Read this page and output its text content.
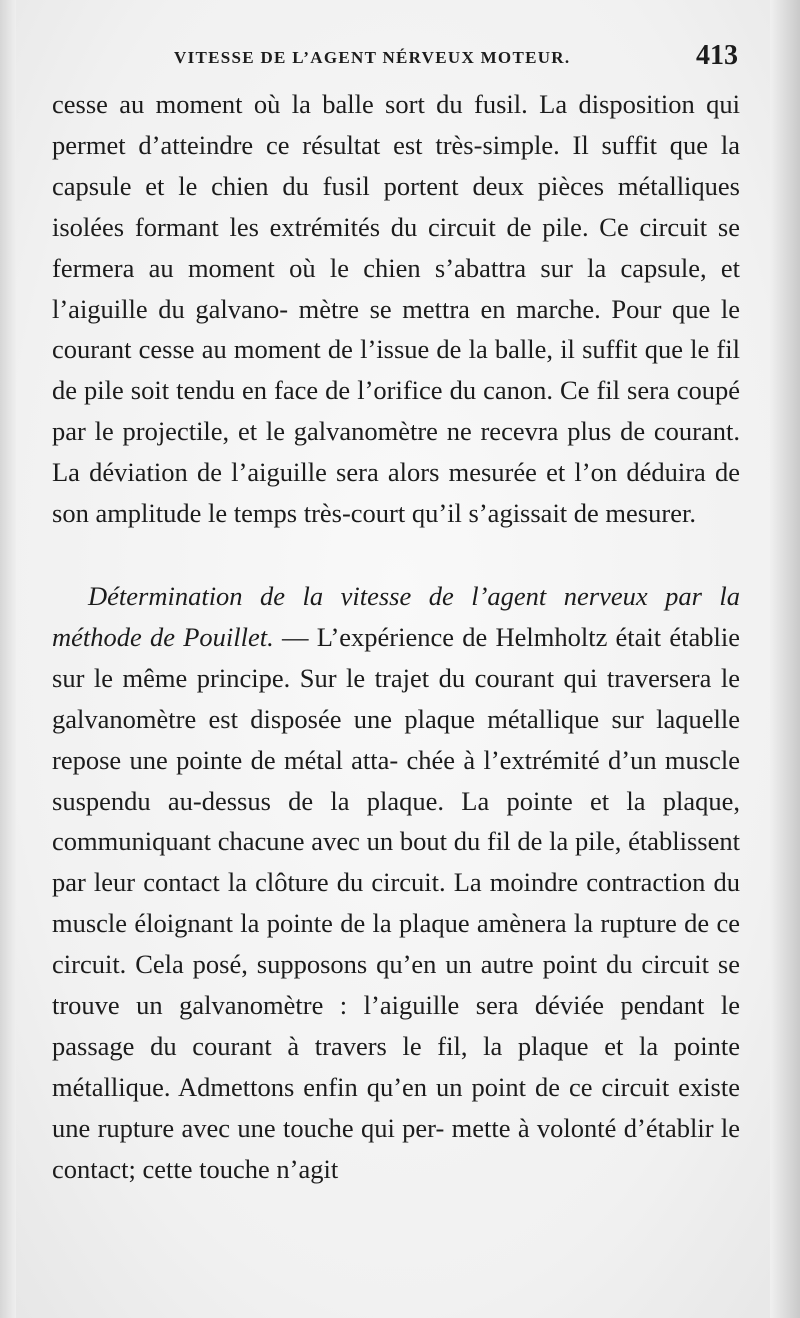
VITESSE DE L’AGENT NÉRVEUX MOTEUR.	413

cesse au moment où la balle sort du fusil. La disposition qui permet d’atteindre ce résultat est très-simple. Il suffit que la capsule et le chien du fusil portent deux pièces métalliques isolées formant les extrémités du circuit de pile. Ce circuit se fermera au moment où le chien s’abattra sur la capsule, et l’aiguille du galvano- mètre se mettra en marche. Pour que le courant cesse au moment de l’issue de la balle, il suffit que le fil de pile soit tendu en face de l’orifice du canon. Ce fil sera coupé par le projectile, et le galvanomètre ne recevra plus de courant. La déviation de l’aiguille sera alors mesurée et l’on déduira de son amplitude le temps très-court qu’il s’agissait de mesurer.

Détermination de la vitesse de l’agent nerveux par la méthode de Pouillet. — L’expérience de Helmholtz était établie sur le même principe. Sur le trajet du courant qui traversera le galvanomètre est disposée une plaque métallique sur laquelle repose une pointe de métal atta- chée à l’extrémité d’un muscle suspendu au-dessus de la plaque. La pointe et la plaque, communiquant chacune avec un bout du fil de la pile, établissent par leur contact la clôture du circuit. La moindre contraction du muscle éloignant la pointe de la plaque amènera la rupture de ce circuit. Cela posé, supposons qu’en un autre point du circuit se trouve un galvanomètre : l’aiguille sera déviée pendant le passage du courant à travers le fil, la plaque et la pointe métallique. Admettons enfin qu’en un point de ce circuit existe une rupture avec une touche qui per- mette à volonté d’établir le contact; cette touche n’agit
